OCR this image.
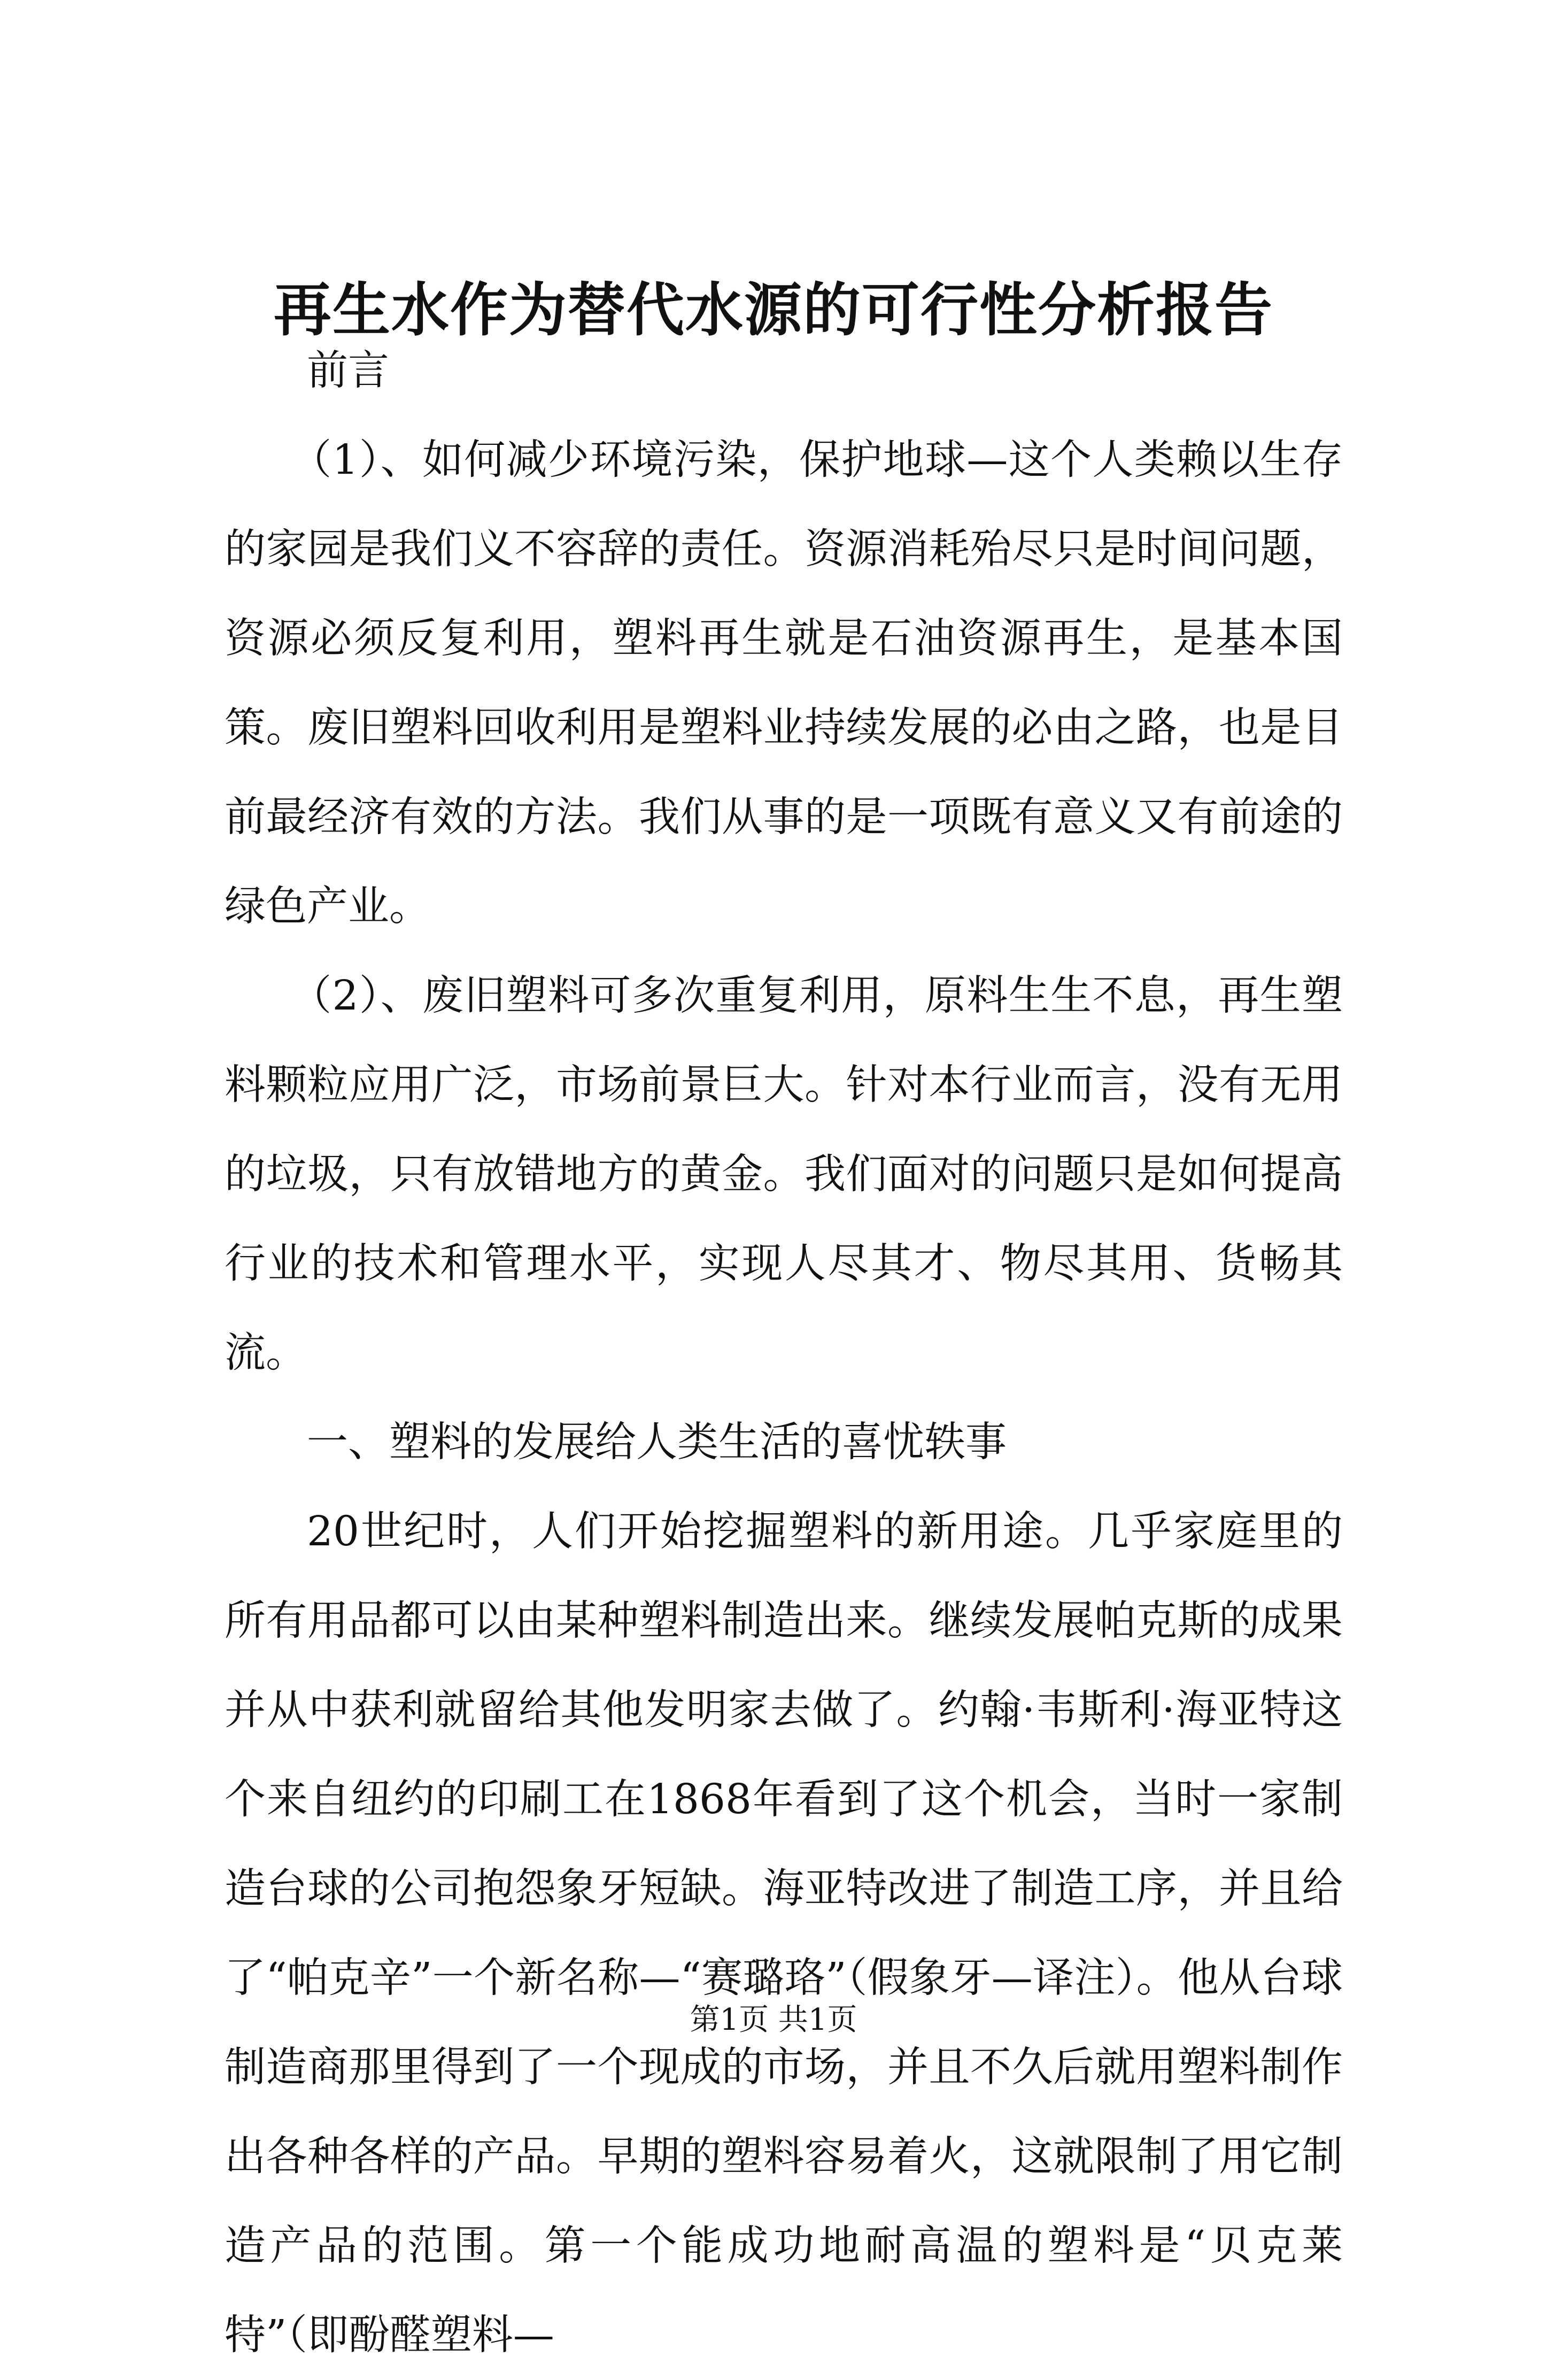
再生水作为替代水源的可行性分析报告

前言

（1）、如何减少环境污染，保护地球—这个人类赖以生存的家园是我们义不容辞的责任。资源消耗殆尽只是时间问题，资源必须反复利用，塑料再生就是石油资源再生，是基本国策。废旧塑料回收利用是塑料业持续发展的必由之路，也是目前最经济有效的方法。我们从事的是一项既有意义又有前途的绿色产业。

（2）、废旧塑料可多次重复利用，原料生生不息，再生塑料颗粒应用广泛，市场前景巨大。针对本行业而言，没有无用的垃圾，只有放错地方的黄金。我们面对的问题只是如何提高行业的技术和管理水平，实现人尽其才、物尽其用、货畅其流。

一、塑料的发展给人类生活的喜忧轶事

20世纪时，人们开始挖掘塑料的新用途。几乎家庭里的所有用品都可以由某种塑料制造出来。继续发展帕克斯的成果并从中获利就留给其他发明家去做了。约翰·韦斯利·海亚特这个来自纽约的印刷工在1868年看到了这个机会，当时一家制造台球的公司抱怨象牙短缺。海亚特改进了制造工序，并且给了“帕克辛”一个新名称—“赛璐珞”（假象牙—译注）。他从台球制造商那里得到了一个现成的市场，并且不久后就用塑料制作出各种各样的产品。早期的塑料容易着火，这就限制了用它制造产品的范围。第一个能成功地耐高温的塑料是“贝克莱特”（即酚醛塑料—

第1页 共1页
